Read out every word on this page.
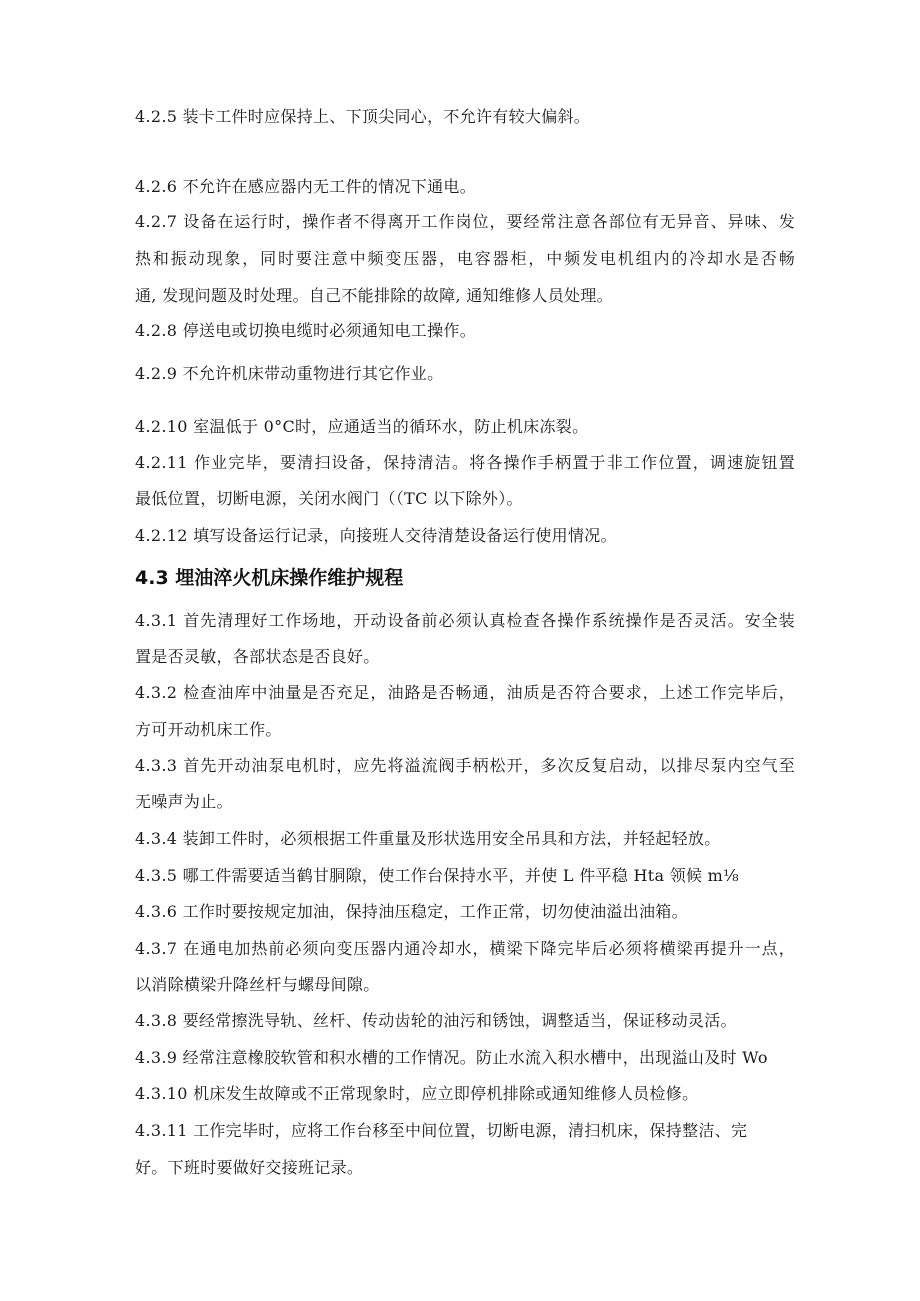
4.2.5 装卡工件时应保持上、下顶尖同心，不允许有较大偏斜。
4.2.6 不允许在感应器内无工件的情况下通电。
4.2.7 设备在运行时，操作者不得离开工作岗位，要经常注意各部位有无异音、异味、发
热和振动现象，同时要注意中频变压器，电容器柜，中频发电机组内的冷却水是否畅
通, 发现问题及时处理。自己不能排除的故障, 通知维修人员处理。
4.2.8 停送电或切换电缆时必须通知电工操作。
4.2.9 不允许机床带动重物进行其它作业。
4.2.10 室温低于 0°C时，应通适当的循环水，防止机床冻裂。
4.2.11 作业完毕，要清扫设备，保持清洁。将各操作手柄置于非工作位置，调速旋钮置
最低位置，切断电源，关闭水阀门（（TC 以下除外）。
4.2.12 填写设备运行记录，向接班人交待清楚设备运行使用情况。
4.3 埋油淬火机床操作维护规程
4.3.1 首先清理好工作场地，开动设备前必须认真检查各操作系统操作是否灵活。安全装
置是否灵敏，各部状态是否良好。
4.3.2 检查油库中油量是否充足，油路是否畅通，油质是否符合要求，上述工作完毕后，
方可开动机床工作。
4.3.3 首先开动油泵电机时，应先将溢流阀手柄松开，多次反复启动，以排尽泵内空气至
无噪声为止。
4.3.4 装卸工件时，必须根据工件重量及形状选用安全吊具和方法，并轻起轻放。
4.3.5 哪工件需要适当鹤甘胴隙，使工作台保持水平，并使 L 件平稳 Hta 领候 m⅛
4.3.6 工作时要按规定加油，保持油压稳定，工作正常，切勿使油溢出油箱。
4.3.7 在通电加热前必须向变压器内通冷却水，横梁下降完毕后必须将横梁再提升一点，
以消除横梁升降丝杆与螺母间隙。
4.3.8 要经常擦洗导轨、丝杆、传动齿轮的油污和锈蚀，调整适当，保证移动灵活。
4.3.9 经常注意橡胶软管和积水槽的工作情况。防止水流入积水槽中，出现溢山及时 Wo
4.3.10 机床发生故障或不正常现象时，应立即停机排除或通知维修人员检修。
4.3.11 工作完毕时，应将工作台移至中间位置，切断电源，清扫机床，保持整洁、完
好。下班时要做好交接班记录。
